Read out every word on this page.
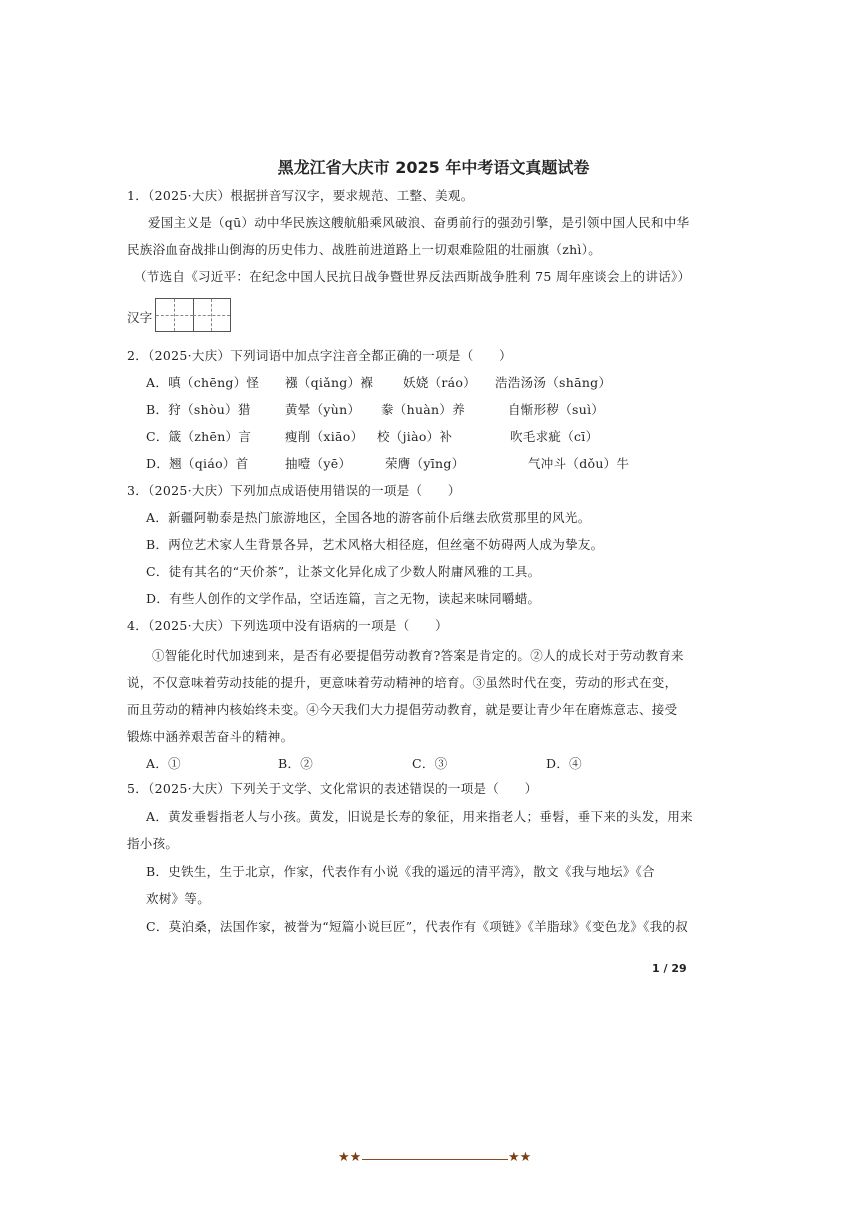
黑龙江省大庆市 2025 年中考语文真题试卷
1．（2025·大庆）根据拼音写汉字，要求规范、工整、美观。
爱国主义是（qū）动中华民族这艘航船乘风破浪、奋勇前行的强劲引擎，是引领中国人民和中华
民族浴血奋战排山倒海的历史伟力、战胜前进道路上一切艰难险阻的壮丽旗（zhì）。
（节选自《习近平：在纪念中国人民抗日战争暨世界反法西斯战争胜利 75 周年座谈会上的讲话》）
汉字
2．（2025·大庆）下列词语中加点字注音全都正确的一项是（　　）
A．嗔（chēng）怪 襁（qiǎng）褓 妖娆（ráo） 浩浩汤汤（shāng）
B．狩（shòu）猎	黄晕（yùn） 豢（huàn）养	自惭形秽（suì）
C．箴（zhēn）言	瘦削（xiāo） 校（jiào）补	吹毛求疵（cī）
D．翘（qiáo）首	抽噎（yē）	荣膺（yīng）	气冲斗（dǒu）牛
3．（2025·大庆）下列加点成语使用错误的一项是（　　）
A．新疆阿勒泰是热门旅游地区，全国各地的游客前仆后继去欣赏那里的风光。
B．两位艺术家人生背景各异，艺术风格大相径庭，但丝毫不妨碍两人成为挚友。
C．徒有其名的“天价茶”，让茶文化异化成了少数人附庸风雅的工具。
D．有些人创作的文学作品，空话连篇，言之无物，读起来味同嚼蜡。
4．（2025·大庆）下列选项中没有语病的一项是（　　）
①智能化时代加速到来，是否有必要提倡劳动教育?答案是肯定的。②人的成长对于劳动教育来
说，不仅意味着劳动技能的提升，更意味着劳动精神的培育。③虽然时代在变，劳动的形式在变，
而且劳动的精神内核始终未变。④今天我们大力提倡劳动教育，就是要让青少年在磨炼意志、接受
锻炼中涵养艰苦奋斗的精神。
A．①	B．②	C．③	D．④
5．（2025·大庆）下列关于文学、文化常识的表述错误的一项是（　　）
A．黄发垂髫指老人与小孩。黄发，旧说是长寿的象征，用来指老人；垂髫，垂下来的头发，用来
指小孩。
B．史铁生，生于北京，作家，代表作有小说《我的遥远的清平湾》，散文《我与地坛》《合
欢树》等。
C．莫泊桑，法国作家，被誉为“短篇小说巨匠”，代表作有《项链》《羊脂球》《变色龙》《我的叔
1 / 29
★★	★★
